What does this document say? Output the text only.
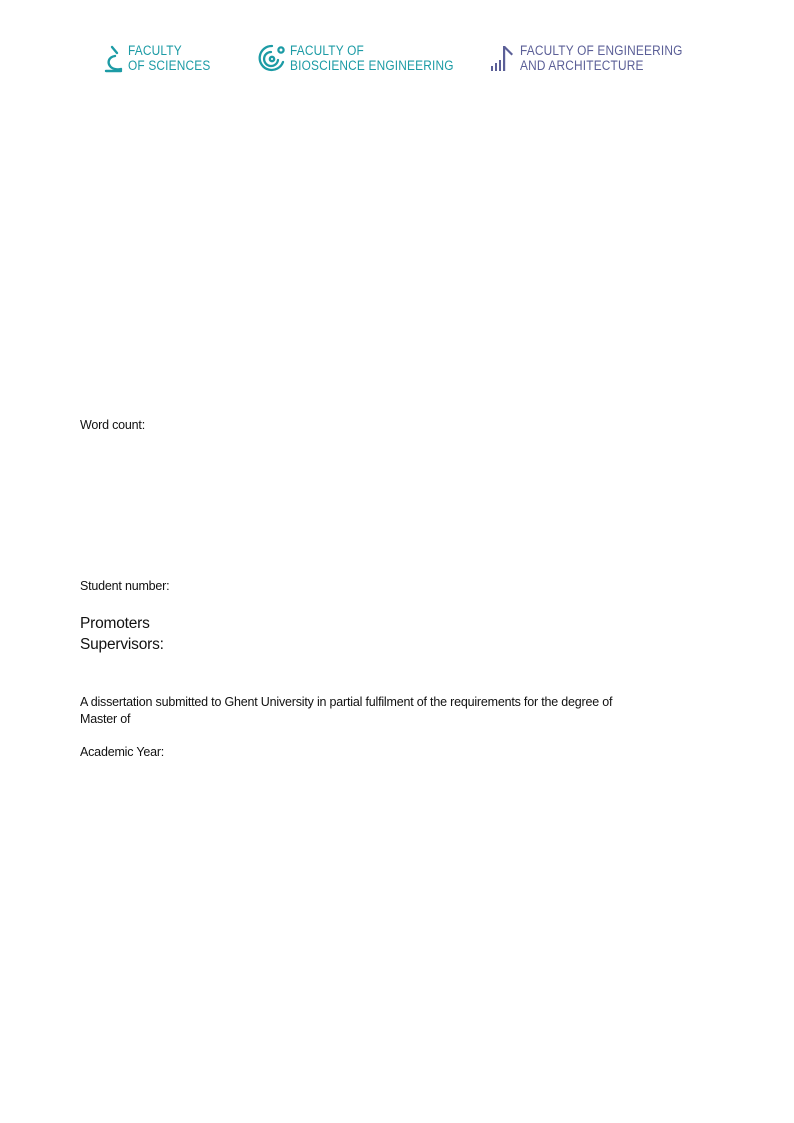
FACULTY
OF SCIENCES
FACULTY OF
BIOSCIENCE ENGINEERING
FACULTY OF ENGINEERING
AND ARCHITECTURE
Word count:
Student number:
Promoters
Supervisors:
A dissertation submitted to Ghent University in partial fulfilment of the requirements for the degree of
Master of
Academic Year:
